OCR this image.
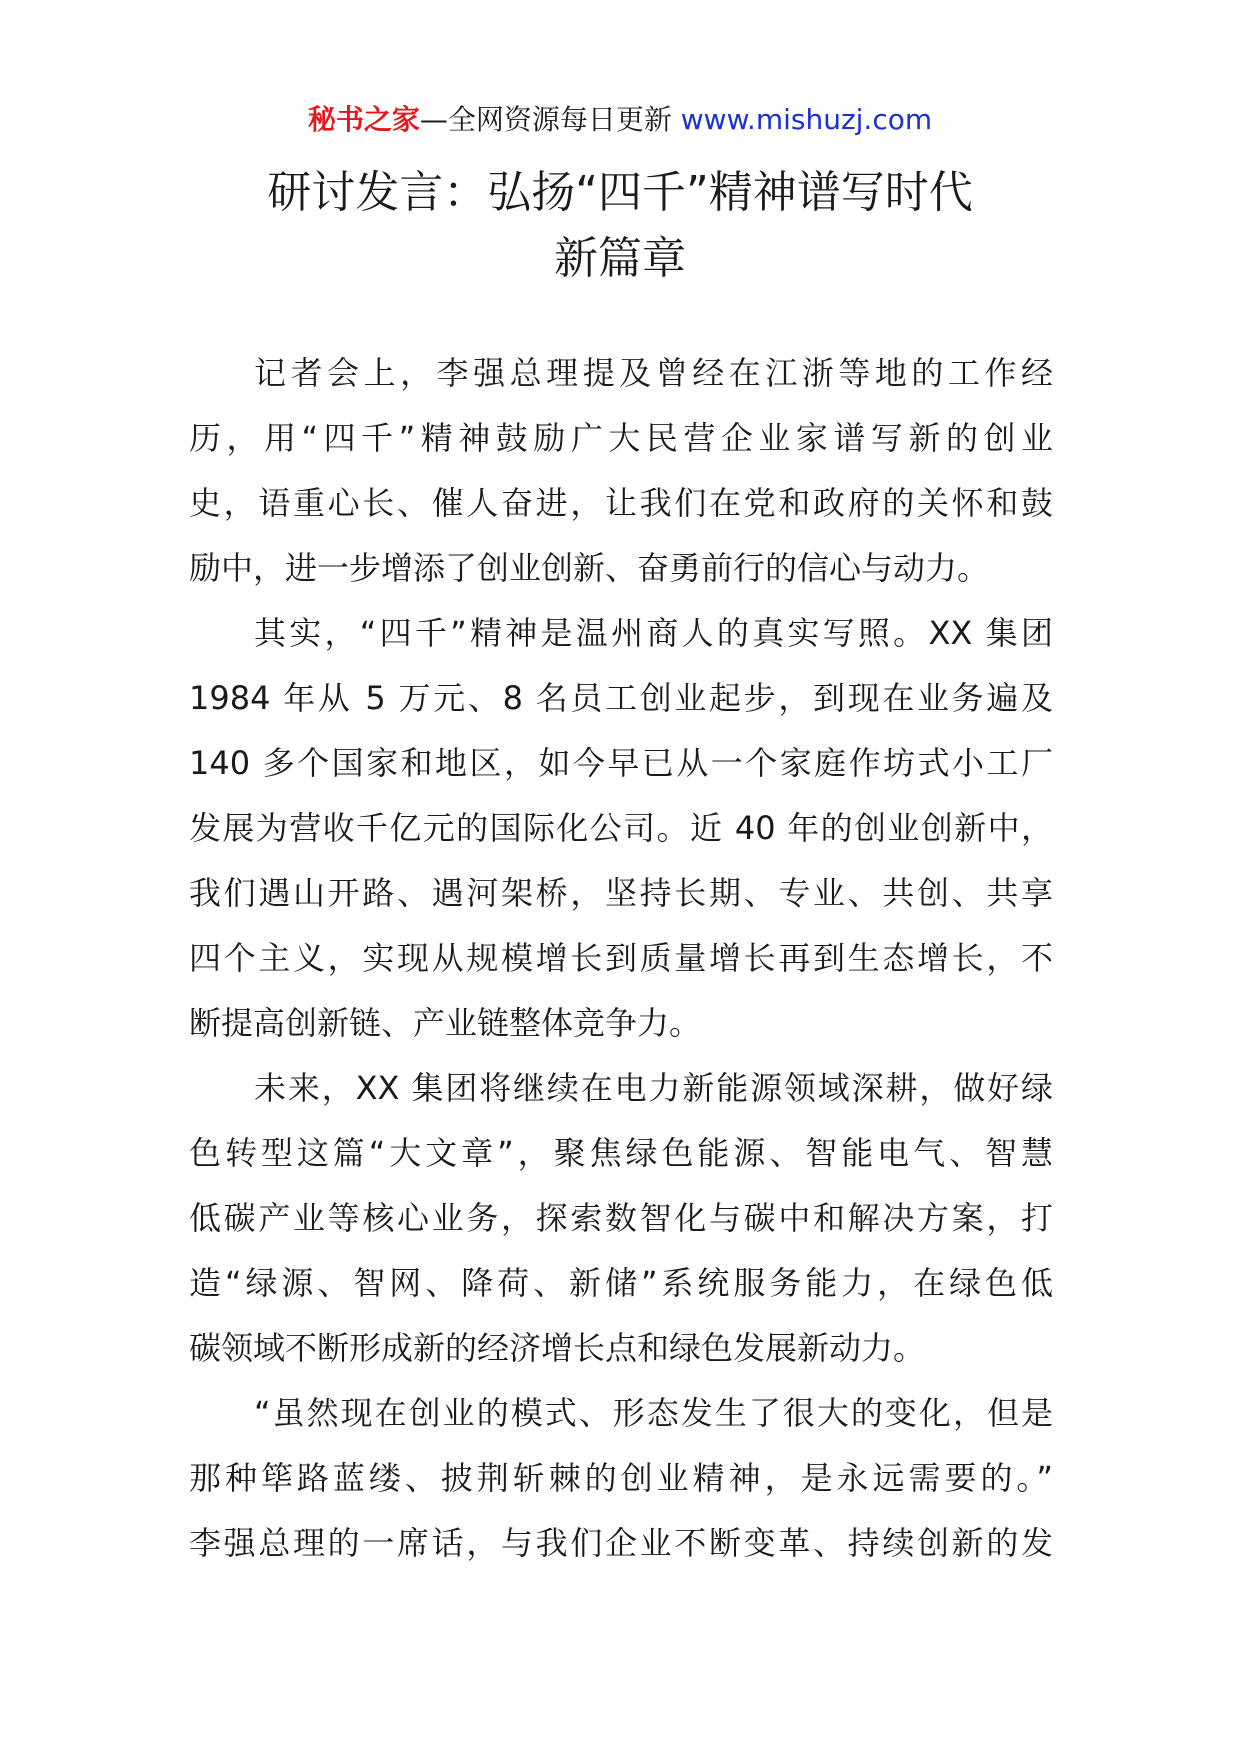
秘书之家—全网资源每日更新 www.mishuzj.com
研讨发言：弘扬“四千”精神谱写时代
新篇章
记者会上，李强总理提及曾经在江浙等地的工作经
历，用“四千”精神鼓励广大民营企业家谱写新的创业
史，语重心长、催人奋进，让我们在党和政府的关怀和鼓
励中，进一步增添了创业创新、奋勇前行的信心与动力。
其实，“四千”精神是温州商人的真实写照。XX 集团
1984 年从 5 万元、8 名员工创业起步，到现在业务遍及
140 多个国家和地区，如今早已从一个家庭作坊式小工厂
发展为营收千亿元的国际化公司。近 40 年的创业创新中，
我们遇山开路、遇河架桥，坚持长期、专业、共创、共享
四个主义，实现从规模增长到质量增长再到生态增长，不
断提高创新链、产业链整体竞争力。
未来，XX 集团将继续在电力新能源领域深耕，做好绿
色转型这篇“大文章”，聚焦绿色能源、智能电气、智慧
低碳产业等核心业务，探索数智化与碳中和解决方案，打
造“绿源、智网、降荷、新储”系统服务能力，在绿色低
碳领域不断形成新的经济增长点和绿色发展新动力。
“虽然现在创业的模式、形态发生了很大的变化，但是
那种筚路蓝缕、披荆斩棘的创业精神，是永远需要的。”
李强总理的一席话，与我们企业不断变革、持续创新的发
